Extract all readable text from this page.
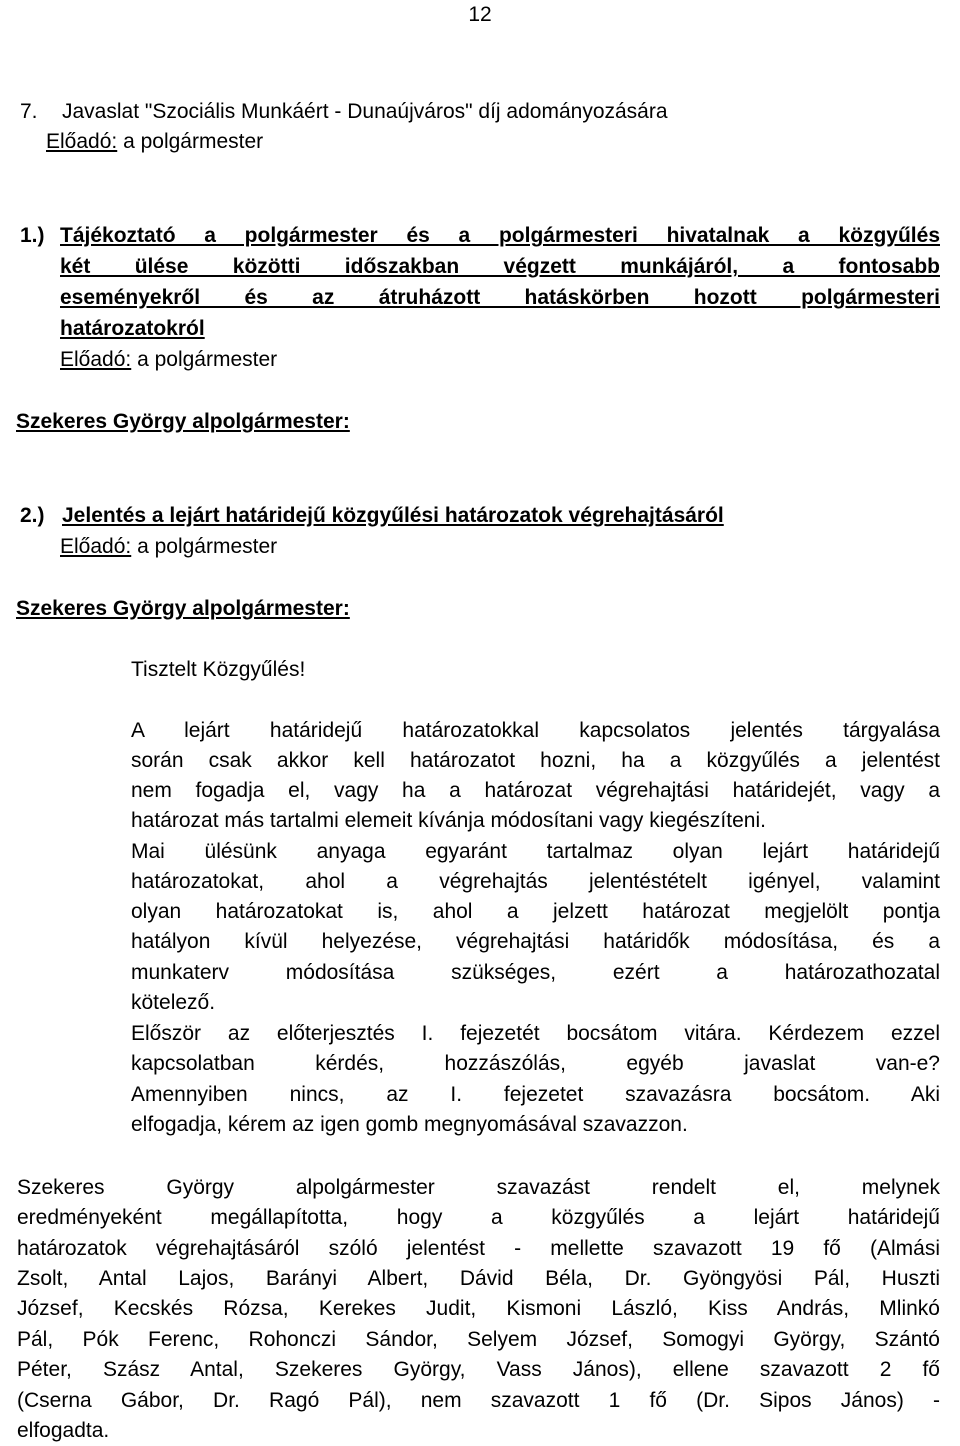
12
7. Javaslat "Szociális Munkáért - Dunaújváros" díj adományozására
Előadó: a polgármester
1.) Tájékoztató a polgármester és a polgármesteri hivatalnak a közgyűlés
két ülése közötti időszakban végzett munkájáról, a fontosabb
eseményekről és az átruházott hatáskörben hozott polgármesteri
határozatokról
Előadó: a polgármester
Szekeres György alpolgármester:
2.) Jelentés a lejárt határidejű közgyűlési határozatok végrehajtásáról
Előadó: a polgármester
Szekeres György alpolgármester:
Tisztelt Közgyűlés!
A lejárt határidejű határozatokkal kapcsolatos jelentés tárgyalása
során csak akkor kell határozatot hozni, ha a közgyűlés a jelentést
nem fogadja el, vagy ha a határozat végrehajtási határidejét, vagy a
határozat más tartalmi elemeit kívánja módosítani vagy kiegészíteni.
Mai ülésünk anyaga egyaránt tartalmaz olyan lejárt határidejű
határozatokat, ahol a végrehajtás jelentéstételt igényel, valamint
olyan határozatokat is, ahol a jelzett határozat megjelölt pontja
hatályon kívül helyezése, végrehajtási határidők módosítása, és a
munkaterv módosítása szükséges, ezért a határozathozatal
kötelező.
Először az előterjesztés I. fejezetét bocsátom vitára. Kérdezem ezzel
kapcsolatban kérdés, hozzászólás, egyéb javaslat van-e?
Amennyiben nincs, az I. fejezetet szavazásra bocsátom. Aki
elfogadja, kérem az igen gomb megnyomásával szavazzon.
Szekeres György alpolgármester szavazást rendelt el, melynek
eredményeként megállapította, hogy a közgyűlés a lejárt határidejű
határozatok végrehajtásáról szóló jelentést - mellette szavazott 19 fő (Almási
Zsolt, Antal Lajos, Barányi Albert, Dávid Béla, Dr. Gyöngyösi Pál, Huszti
József, Kecskés Rózsa, Kerekes Judit, Kismoni László, Kiss András, Mlinkó
Pál, Pók Ferenc, Rohonczi Sándor, Selyem József, Somogyi György, Szántó
Péter, Szász Antal, Szekeres György, Vass János), ellene szavazott 2 fő
(Cserna Gábor, Dr. Ragó Pál), nem szavazott 1 fő (Dr. Sipos János) -
elfogadta.
